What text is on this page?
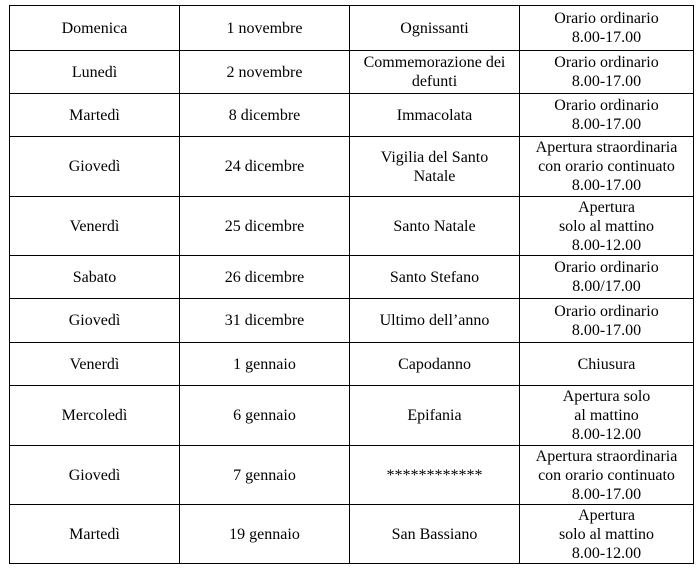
Domenica	1 novembre	Ognissanti	Orario ordinario
8.00-17.00
Lunedì	2 novembre	Commemorazione dei
defunti	Orario ordinario
8.00-17.00
Martedì	8 dicembre	Immacolata	Orario ordinario
8.00-17.00
Giovedì	24 dicembre	Vigilia del Santo
Natale	Apertura straordinaria
con orario continuato
8.00-17.00
Venerdì	25 dicembre	Santo Natale	Apertura
solo al mattino
8.00-12.00
Sabato	26 dicembre	Santo Stefano	Orario ordinario
8.00/17.00
Giovedì	31 dicembre	Ultimo dell’anno	Orario ordinario
8.00-17.00
Venerdì	1 gennaio	Capodanno	Chiusura
Mercoledì	6 gennaio	Epifania	Apertura solo
al mattino
8.00-12.00
Giovedì	7 gennaio	************	Apertura straordinaria
con orario continuato
8.00-17.00
Martedì	19 gennaio	San Bassiano	Apertura
solo al mattino
8.00-12.00
